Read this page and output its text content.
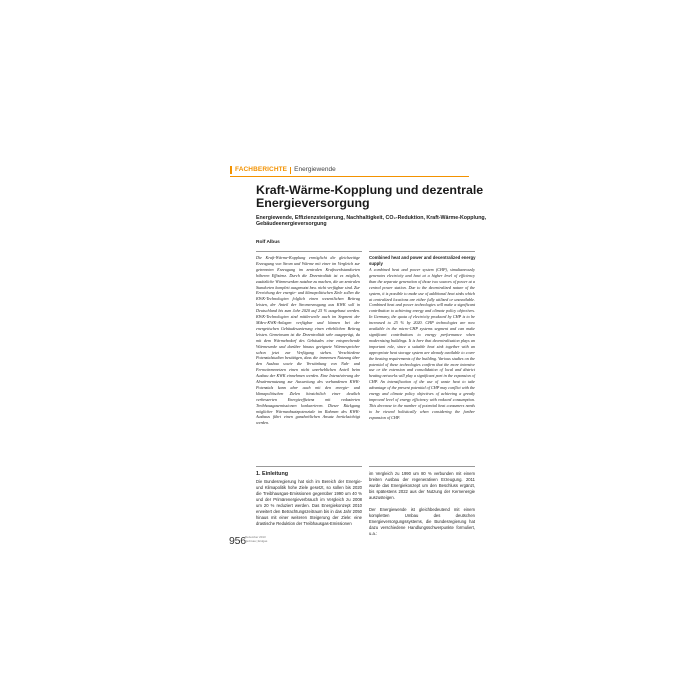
FACHBERICHTE Energiewende
Kraft-Wärme-Kopplung und dezentrale Energieversorgung
Energiewende, Effizienzsteigerung, Nachhaltigkeit, CO₂-Reduktion, Kraft-Wärme-Kopplung, Gebäudeenergieversorgung
Rolf Albus
Die Kraft-Wärme-Kopplung ermöglicht die gleichzeitige Erzeugung von Strom und Wärme mit einer im Vergleich zur getrennten Erzeugung im zentralen Kraftwerkstandorten höheren Effizienz. Durch die Dezentralität ist es möglich, zusätzliche Wärmesenken nutzbar zu machen, die an zentralen Standorten komplett ausgenutzt bzw. nicht verfügbar sind. Zur Erreichung der energie- und klimapolitischen Ziele sollen die KWK-Technologien folglich einen wesentlichen Beitrag leisten, der Anteil der Stromerzeugung aus KWK soll in Deutschland bis zum Jahr 2020 auf 25 % ausgebaut werden. KWK-Technologien sind mittlerweile auch im Segment der Mikro-KWK-Anlagen verfügbar und können bei der energetischen Gebäudesanierung einen erheblichen Beitrag leisten. Gemeinsam ist die Dezentralität sehr ausgeprägt, da mit dem Wärmebedarf des Gebäudes eine entsprechende Wärmesenke und darüber hinaus geeignete Wärmespeicher schon jetzt zur Verfügung stehen. Verschiedene Potenzialstudien bestätigen, dass die immensen Nutzung über den Ausbau sowie die Verstärkung von Nah- und Fernwärmenetzen einen nicht unerheblichen Anteil beim Ausbau der KWK einnehmen werden. Eine Intensivierung der Abwärmenutzung zur Ausweitung des vorhandenen KWK-Potenzials kann aber auch mit den energie- und klimapolitischen Zielen hinsichtlich einer deutlich verbesserten Energieeffizienz mit reduzierten Treibhausgasemissionen konkurrieren. Dieser Rückgang möglicher Wärmeabsatzpotenziale im Rahmen des KWK-Ausbaus führt einen ganzheitlichen Ansatz berücksichtigt werden.
Combined heat and power and decentralized energy supply
A combined heat and power system (CHP), simultaneously generates electricity and heat at a higher level of efficiency than the separate generation of those two sources of power at a central power station. Due to the decentralized nature of the system, it is possible to make use of additional heat sinks which at centralized locations are either fully utilized or unavailable. Combined heat and power technologies will make a significant contribution to achieving energy and climate policy objectives. In Germany, the quota of electricity produced by CHP is to be increased to 25 % by 2020. CHP technologies are now available in the micro-CHP systems segment and can make significant contributions to energy performance when modernising buildings. It is here that decentralisation plays an important role, since a suitable heat sink together with an appropriate heat storage system are already available to cover the heating requirements of the building. Various studies on the potential of these technologies confirm that the more intensive use or the extension and consolidation of local and district heating networks will play a significant part in the expansion of CHP. An intensification of the use of waste heat to take advantage of the present potential of CHP may conflict with the energy and climate policy objectives of achieving a greatly improved level of energy efficiency with reduced consumption. This decrease in the number of potential heat consumers needs to be viewed holistically when considering the further expansion of CHP.
1. Einleitung

Die Bundesregierung hat sich im Bereich der Energie- und Klimapolitik hohe Ziele gesetzt, so sollen bis 2020 die Treibhausgas-Emissionen gegenüber 1990 um 40 % und der Primärenergieverbrauch im Vergleich zu 2008 um 20 % reduziert werden. Das Energiekonzept 2010 erweitert den Betrachtungszeitraum bis in das Jahr 2050 hinaus mit einer weiteren Steigerung der Ziele: eine drastische Reduktion der Treibhausgas-Emissionen

im Vergleich zu 1990 um 80 % verbunden mit einem breiten Ausbau der regenerativen Erzeugung. 2011 wurde das Energiekonzept um den Beschluss ergänzt, bis spätestens 2022 aus der Nutzung der Kernenergie auszusteigen.

Der Energiewende ist gleichbedeutend mit einem kompletten Umbau des deutschen Energieversorgungssystems, die Bundesregierung hat dazu verschiedene Handlungsschwerpunkte formuliert, u.a.:

956 Dezember 2013
gwf-Gas | Erdgas
